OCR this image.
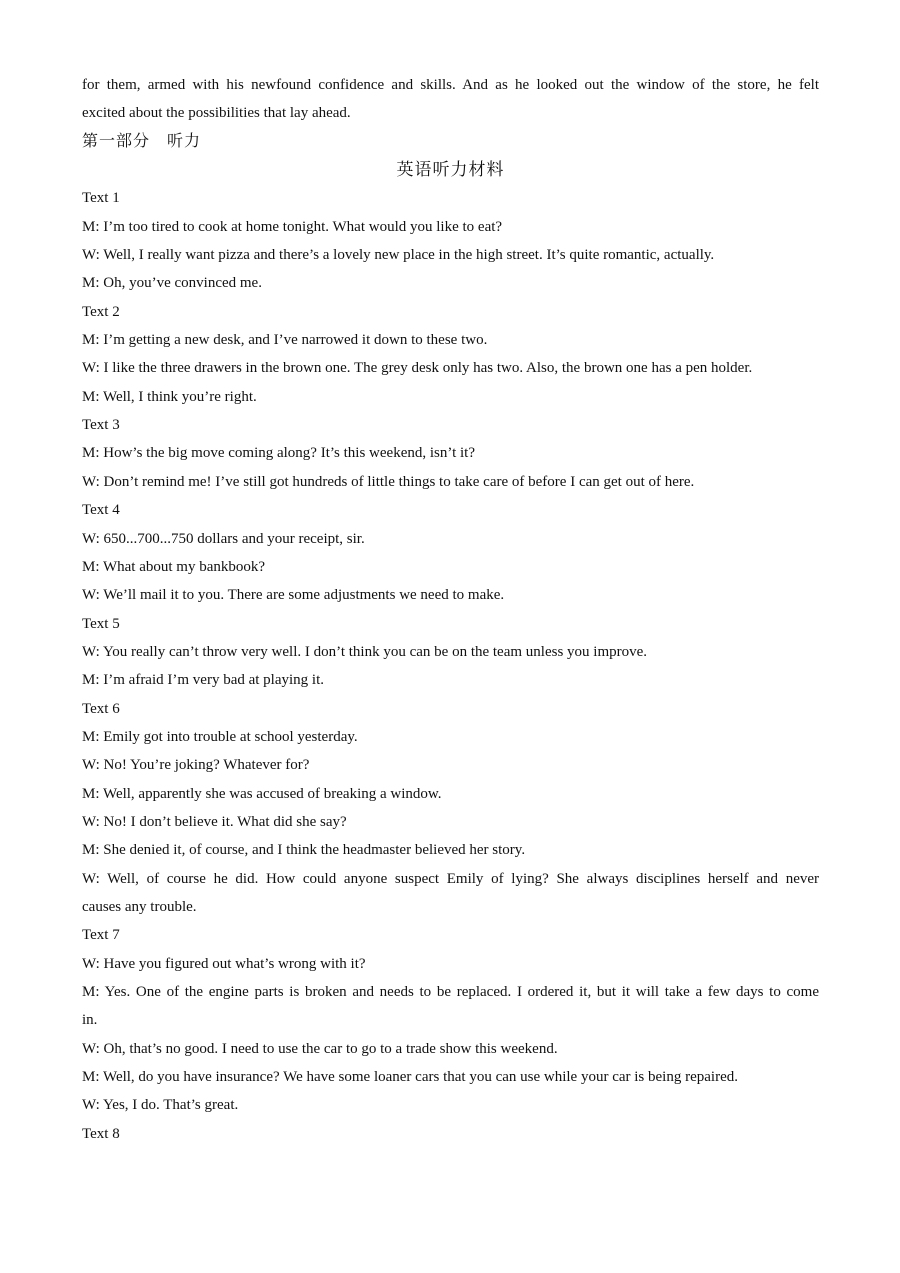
for them, armed with his newfound confidence and skills. And as he looked out the window of the store, he felt
excited about the possibilities that lay ahead.
第一部分　听力
英语听力材料
Text 1
M: I’m too tired to cook at home tonight. What would you like to eat?
W: Well, I really want pizza and there’s a lovely new place in the high street. It’s quite romantic, actually.
M: Oh, you’ve convinced me.
Text 2
M: I’m getting a new desk, and I’ve narrowed it down to these two.
W: I like the three drawers in the brown one. The grey desk only has two. Also, the brown one has a pen holder.
M: Well, I think you’re right.
Text 3
M: How’s the big move coming along? It’s this weekend, isn’t it?
W: Don’t remind me! I’ve still got hundreds of little things to take care of before I can get out of here.
Text 4
W: 650...700...750 dollars and your receipt, sir.
M: What about my bankbook?
W: We’ll mail it to you. There are some adjustments we need to make.
Text 5
W: You really can’t throw very well. I don’t think you can be on the team unless you improve.
M: I’m afraid I’m very bad at playing it.
Text 6
M: Emily got into trouble at school yesterday.
W: No! You’re joking? Whatever for?
M: Well, apparently she was accused of breaking a window.
W: No! I don’t believe it. What did she say?
M: She denied it, of course, and I think the headmaster believed her story.
W: Well, of course he did. How could anyone suspect Emily of lying? She always disciplines herself and never
causes any trouble.
Text 7
W: Have you figured out what’s wrong with it?
M: Yes. One of the engine parts is broken and needs to be replaced. I ordered it, but it will take a few days to come
in.
W: Oh, that’s no good. I need to use the car to go to a trade show this weekend.
M: Well, do you have insurance? We have some loaner cars that you can use while your car is being repaired.
W: Yes, I do. That’s great.
Text 8
